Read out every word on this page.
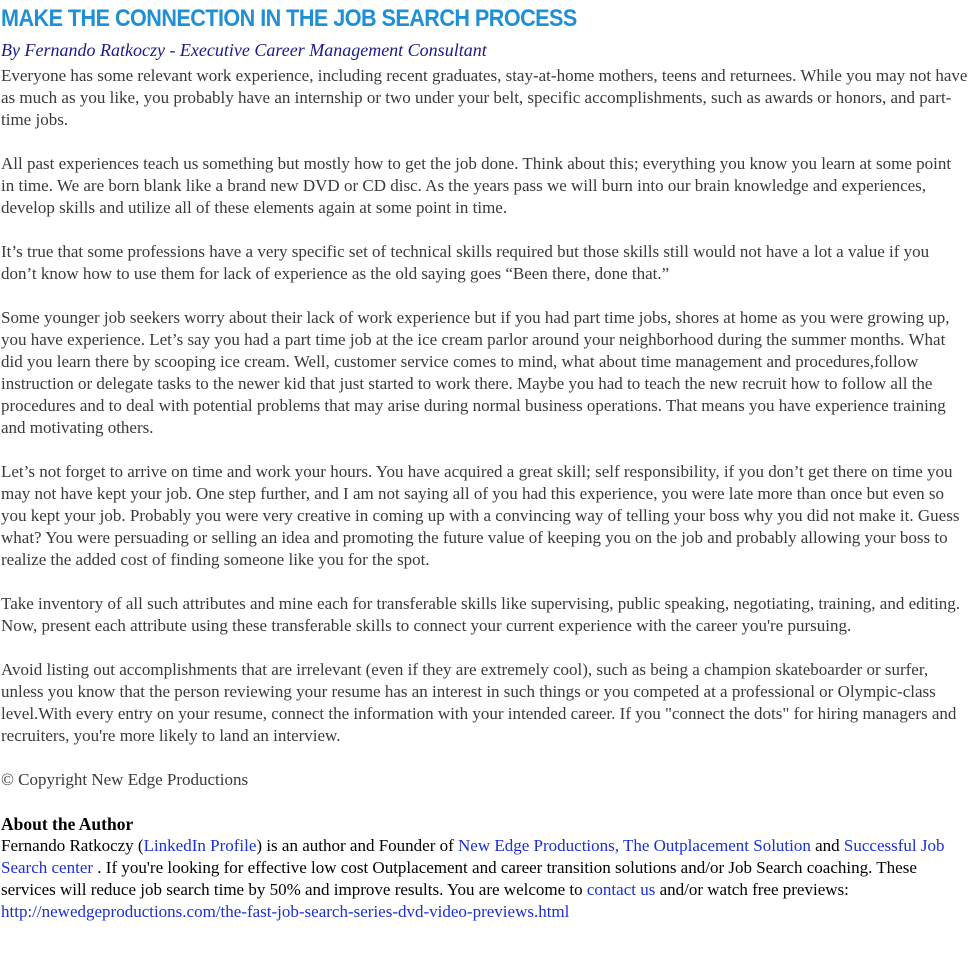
MAKE THE CONNECTION IN THE JOB SEARCH PROCESS
By Fernando Ratkoczy - Executive Career Management Consultant

Everyone has some relevant work experience, including recent graduates, stay-at-home mothers, teens and returnees. While you may not have as much as you like, you probably have an internship or two under your belt, specific accomplishments, such as awards or honors, and part-time jobs.

All past experiences teach us something but mostly how to get the job done. Think about this; everything you know you learn at some point in time. We are born blank like a brand new DVD or CD disc. As the years pass we will burn into our brain knowledge and experiences, develop skills and utilize all of these elements again at some point in time.

It’s true that some professions have a very specific set of technical skills required but those skills still would not have a lot a value if you don’t know how to use them for lack of experience as the old saying goes “Been there, done that.”

Some younger job seekers worry about their lack of work experience but if you had part time jobs, shores at home as you were growing up, you have experience. Let’s say you had a part time job at the ice cream parlor around your neighborhood during the summer months. What did you learn there by scooping ice cream. Well, customer service comes to mind, what about time management and procedures,follow instruction or delegate tasks to the newer kid that just started to work there. Maybe you had to teach the new recruit how to follow all the procedures and to deal with potential problems that may arise during normal business operations. That means you have experience training and motivating others.

Let’s not forget to arrive on time and work your hours. You have acquired a great skill; self responsibility, if you don’t get there on time you may not have kept your job. One step further, and I am not saying all of you had this experience, you were late more than once but even so you kept your job. Probably you were very creative in coming up with a convincing way of telling your boss why you did not make it. Guess what? You were persuading or selling an idea and promoting the future value of keeping you on the job and probably allowing your boss to realize the added cost of finding someone like you for the spot.

Take inventory of all such attributes and mine each for transferable skills like supervising, public speaking, negotiating, training, and editing. Now, present each attribute using these transferable skills to connect your current experience with the career you're pursuing.

Avoid listing out accomplishments that are irrelevant (even if they are extremely cool), such as being a champion skateboarder or surfer, unless you know that the person reviewing your resume has an interest in such things or you competed at a professional or Olympic-class level.With every entry on your resume, connect the information with your intended career. If you "connect the dots" for hiring managers and recruiters, you're more likely to land an interview.

© Copyright New Edge Productions

About the Author

Fernando Ratkoczy (LinkedIn Profile) is an author and Founder of New Edge Productions, The Outplacement Solution and Successful Job Search center . If you're looking for effective low cost Outplacement and career transition solutions and/or Job Search coaching. These services will reduce job search time by 50% and improve results. You are welcome to contact us and/or watch free previews: http://newedgeproductions.com/the-fast-job-search-series-dvd-video-previews.html
